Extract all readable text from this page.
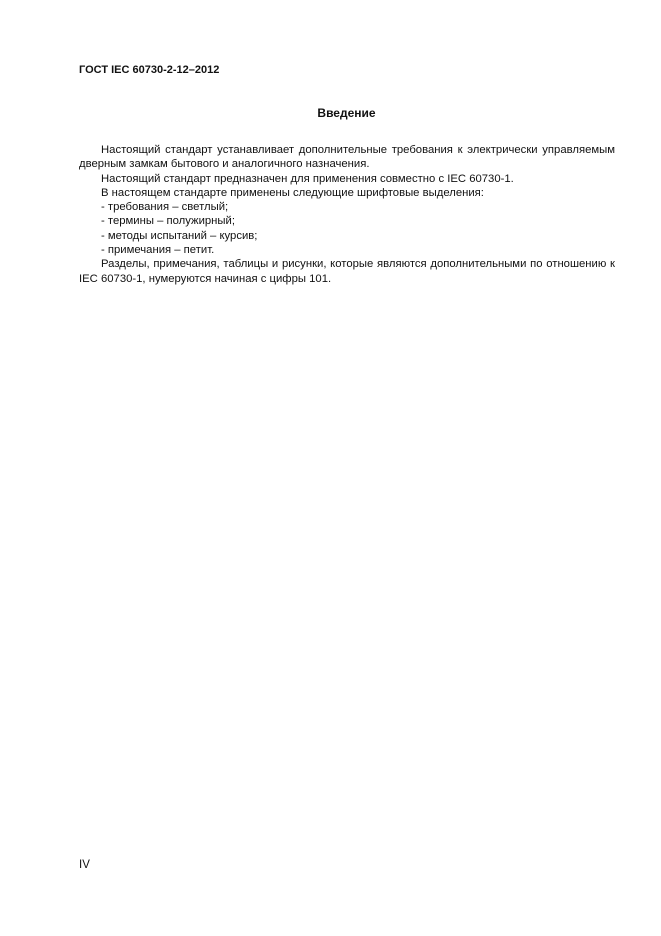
ГОСТ IEC 60730-2-12–2012
Введение

Настоящий стандарт устанавливает дополнительные требования к электрически управляемым дверным замкам бытового и аналогичного назначения.

Настоящий стандарт предназначен для применения совместно с IEC 60730-1.

В настоящем стандарте применены следующие шрифтовые выделения:

- требования – светлый;

- термины – полужирный;

- методы испытаний – курсив;

- примечания – петит.

Разделы, примечания, таблицы и рисунки, которые являются дополнительными по отношению к IEC 60730-1, нумеруются начиная с цифры 101.

IV
